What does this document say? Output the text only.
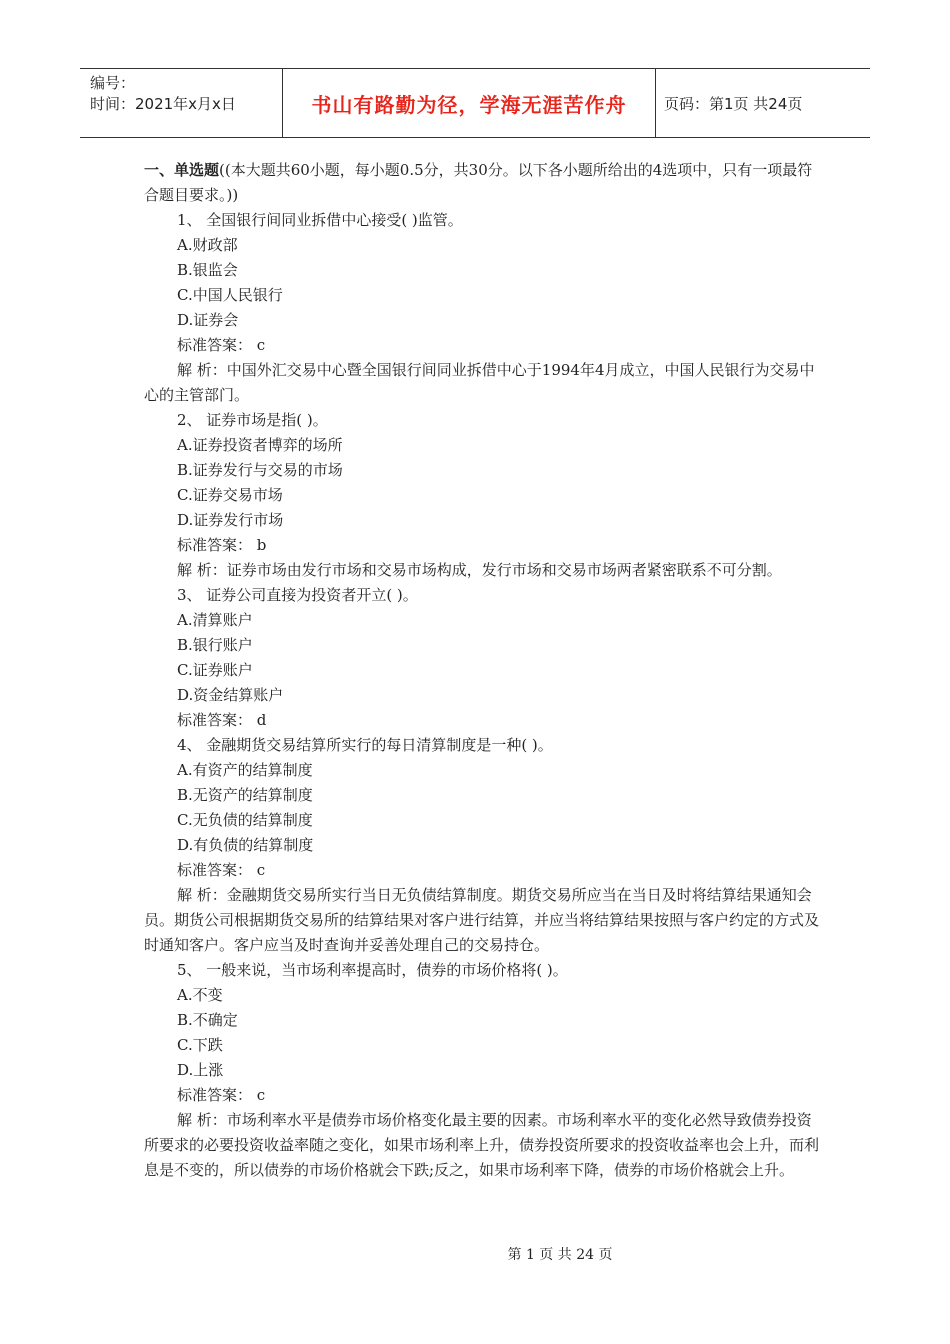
编号：
时间：2021年x月x日	书山有路勤为径，学海无涯苦作舟	页码：第1页 共24页

一、单选题((本大题共60小题，每小题0.5分，共30分。以下各小题所给出的4选项中，只有一项最符合题目要求。))

1、 全国银行间同业拆借中心接受( )监管。

A.财政部

B.银监会

C.中国人民银行

D.证券会

标准答案： c

解 析：中国外汇交易中心暨全国银行间同业拆借中心于1994年4月成立，中国人民银行为交易中心的主管部门。

2、 证券市场是指( )。

A.证券投资者博弈的场所

B.证券发行与交易的市场

C.证券交易市场

D.证券发行市场

标准答案： b

解 析：证券市场由发行市场和交易市场构成，发行市场和交易市场两者紧密联系不可分割。

3、 证券公司直接为投资者开立( )。

A.清算账户

B.银行账户

C.证券账户

D.资金结算账户

标准答案： d

4、 金融期货交易结算所实行的每日清算制度是一种( )。

A.有资产的结算制度

B.无资产的结算制度

C.无负债的结算制度

D.有负债的结算制度

标准答案： c

解 析：金融期货交易所实行当日无负债结算制度。期货交易所应当在当日及时将结算结果通知会员。期货公司根据期货交易所的结算结果对客户进行结算，并应当将结算结果按照与客户约定的方式及时通知客户。客户应当及时查询并妥善处理自己的交易持仓。

5、 一般来说，当市场利率提高时，债券的市场价格将( )。

A.不变

B.不确定

C.下跌

D.上涨

标准答案： c

解 析：市场利率水平是债券市场价格变化最主要的因素。市场利率水平的变化必然导致债券投资所要求的必要投资收益率随之变化，如果市场利率上升，债券投资所要求的投资收益率也会上升，而利息是不变的，所以债券的市场价格就会下跌;反之，如果市场利率下降，债券的市场价格就会上升。

第 1 页 共 24 页
